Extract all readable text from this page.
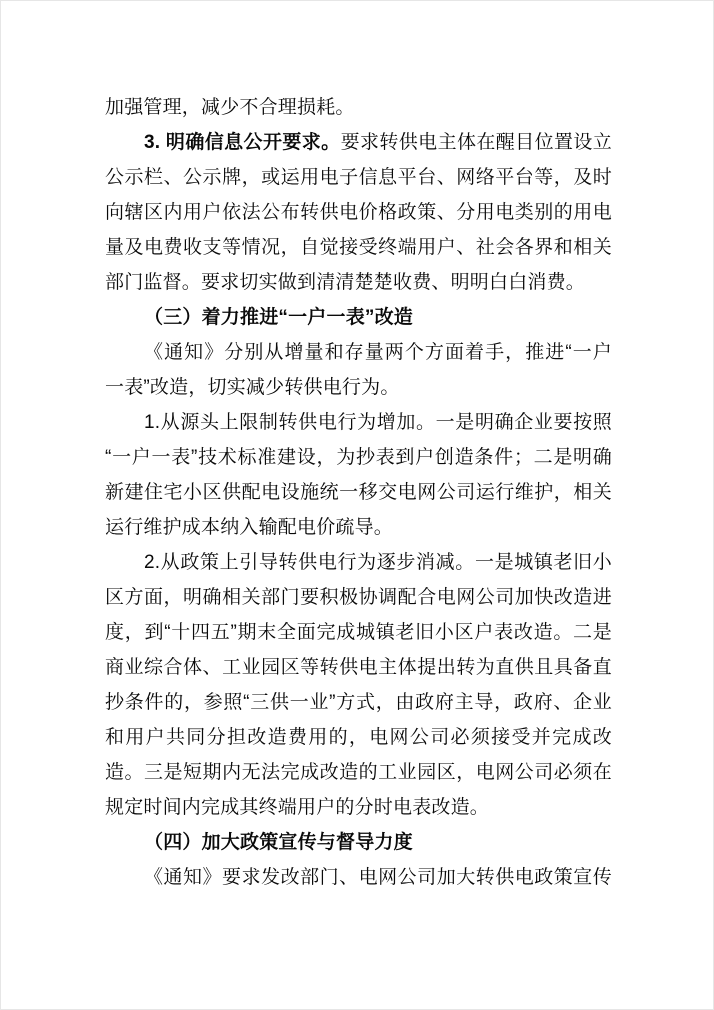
加强管理，减少不合理损耗。
3. 明确信息公开要求。要求转供电主体在醒目位置设立
公示栏、公示牌，或运用电子信息平台、网络平台等，及时
向辖区内用户依法公布转供电价格政策、分用电类别的用电
量及电费收支等情况，自觉接受终端用户、社会各界和相关
部门监督。要求切实做到清清楚楚收费、明明白白消费。
（三）着力推进“一户一表”改造
《通知》分别从增量和存量两个方面着手，推进“一户
一表”改造，切实减少转供电行为。
1.从源头上限制转供电行为增加。一是明确企业要按照
“一户一表”技术标准建设，为抄表到户创造条件；二是明确
新建住宅小区供配电设施统一移交电网公司运行维护，相关
运行维护成本纳入输配电价疏导。
2.从政策上引导转供电行为逐步消减。一是城镇老旧小
区方面，明确相关部门要积极协调配合电网公司加快改造进
度，到“十四五”期末全面完成城镇老旧小区户表改造。二是
商业综合体、工业园区等转供电主体提出转为直供且具备直
抄条件的，参照“三供一业”方式，由政府主导，政府、企业
和用户共同分担改造费用的，电网公司必须接受并完成改
造。三是短期内无法完成改造的工业园区，电网公司必须在
规定时间内完成其终端用户的分时电表改造。
（四）加大政策宣传与督导力度
《通知》要求发改部门、电网公司加大转供电政策宣传
